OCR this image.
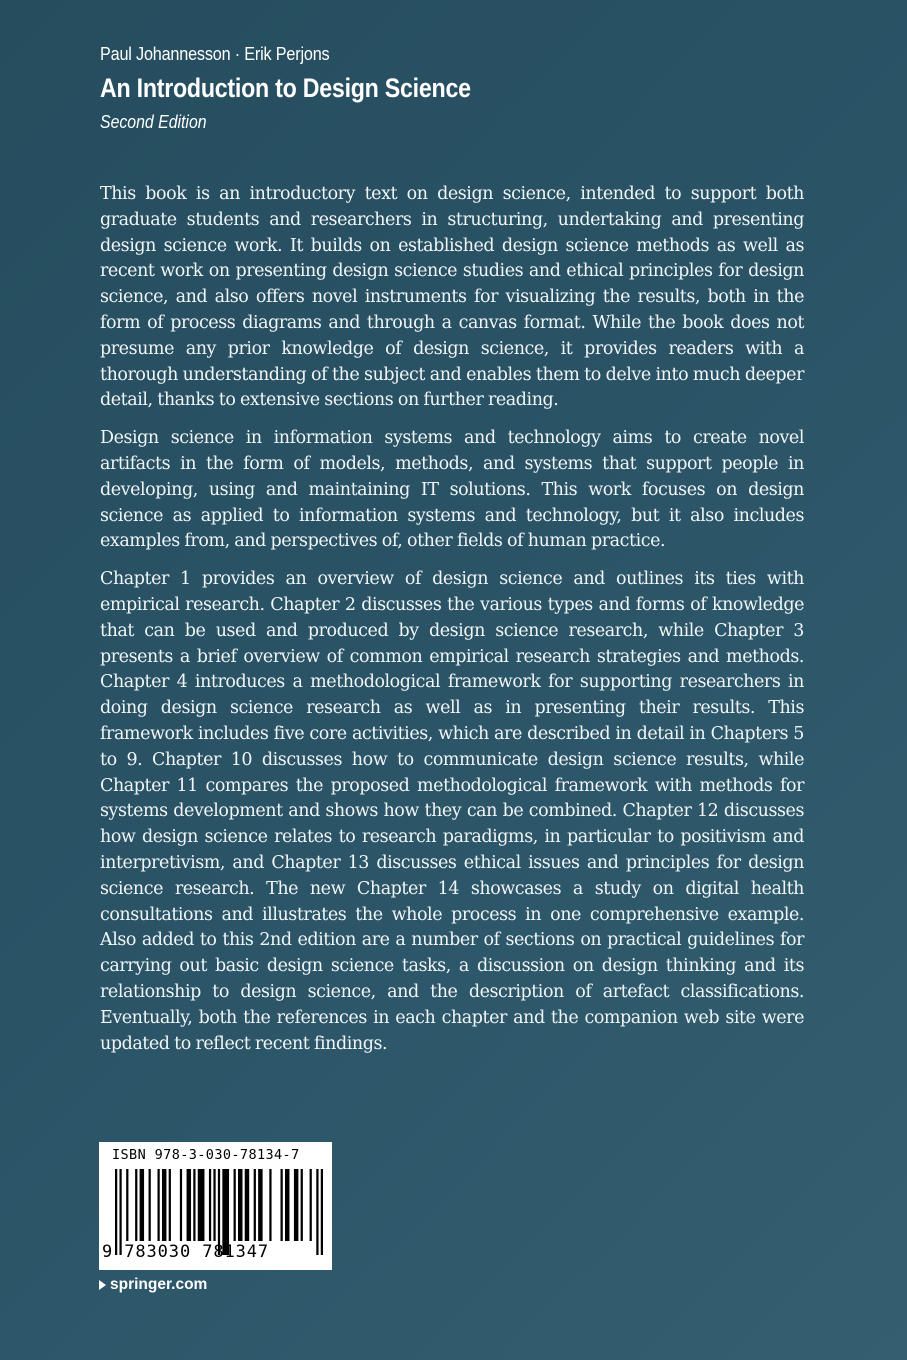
Paul Johannesson · Erik Perjons
An Introduction to Design Science
Second Edition

This book is an introductory text on design science, intended to support both graduate students and researchers in structuring, undertaking and presenting design science work. It builds on established design science methods as well as recent work on presenting design science studies and ethical principles for design science, and also offers novel instruments for visualizing the results, both in the form of process diagrams and through a canvas format. While the book does not presume any prior knowledge of design science, it provides readers with a thorough understanding of the subject and enables them to delve into much deeper detail, thanks to extensive sections on further reading.

Design science in information systems and technology aims to create novel artifacts in the form of models, methods, and systems that support people in developing, using and maintaining IT solutions. This work focuses on design science as applied to information systems and technology, but it also includes examples from, and perspectives of, other fields of human practice.

Chapter 1 provides an overview of design science and outlines its ties with empirical research. Chapter 2 discusses the various types and forms of knowledge that can be used and produced by design science research, while Chapter 3 presents a brief overview of common empirical research strategies and methods. Chapter 4 introduces a methodological framework for supporting researchers in doing design science research as well as in presenting their results. This framework includes five core activities, which are described in detail in Chapters 5 to 9. Chapter 10 discusses how to communicate design science results, while Chapter 11 compares the proposed methodological framework with methods for systems development and shows how they can be combined. Chapter 12 discusses how design science relates to research paradigms, in particular to positivism and interpretivism, and Chapter 13 discusses ethical issues and principles for design science research. The new Chapter 14 showcases a study on digital health consultations and illustrates the whole process in one comprehensive example. Also added to this 2nd edition are a number of sections on practical guidelines for carrying out basic design science tasks, a discussion on design thinking and its relationship to design science, and the description of artefact classifications. Eventually, both the references in each chapter and the companion web site were updated to reflect recent findings.

ISBN 978-3-030-78134-7
9 783030 781347
springer.com
